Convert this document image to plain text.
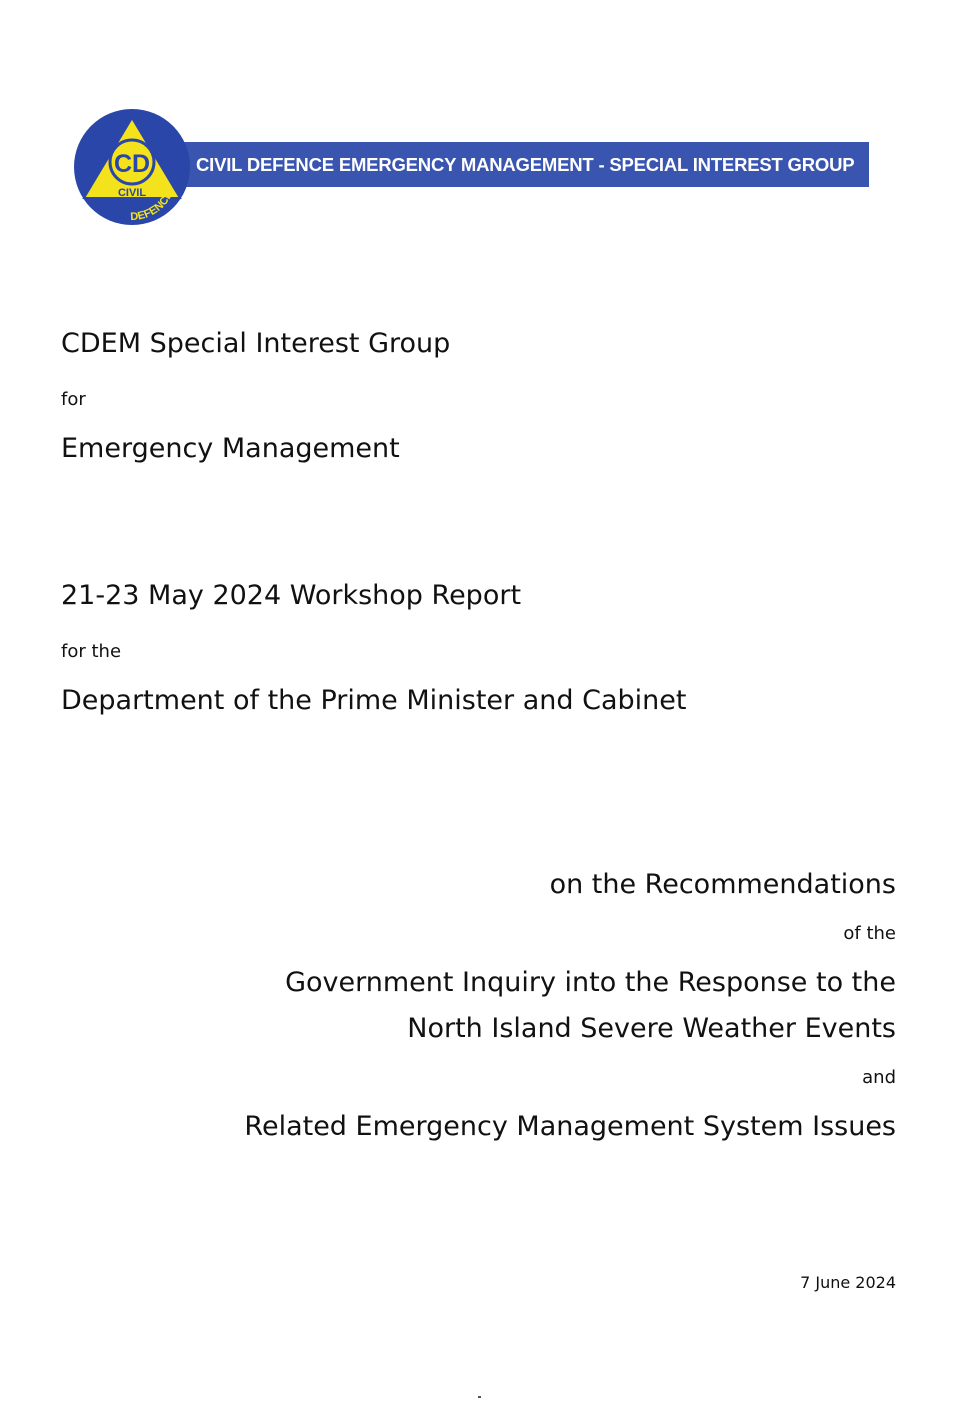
CIVIL DEFENCE EMERGENCY MANAGEMENT - SPECIAL INTEREST GROUP
CD
CIVIL
DEFENCE
CDEM Special Interest Group

for

Emergency Management
21-23 May 2024 Workshop Report

for the

Department of the Prime Minister and Cabinet
on the Recommendations

of the

Government Inquiry into the Response to the
North Island Severe Weather Events

and

Related Emergency Management System Issues
7 June 2024
